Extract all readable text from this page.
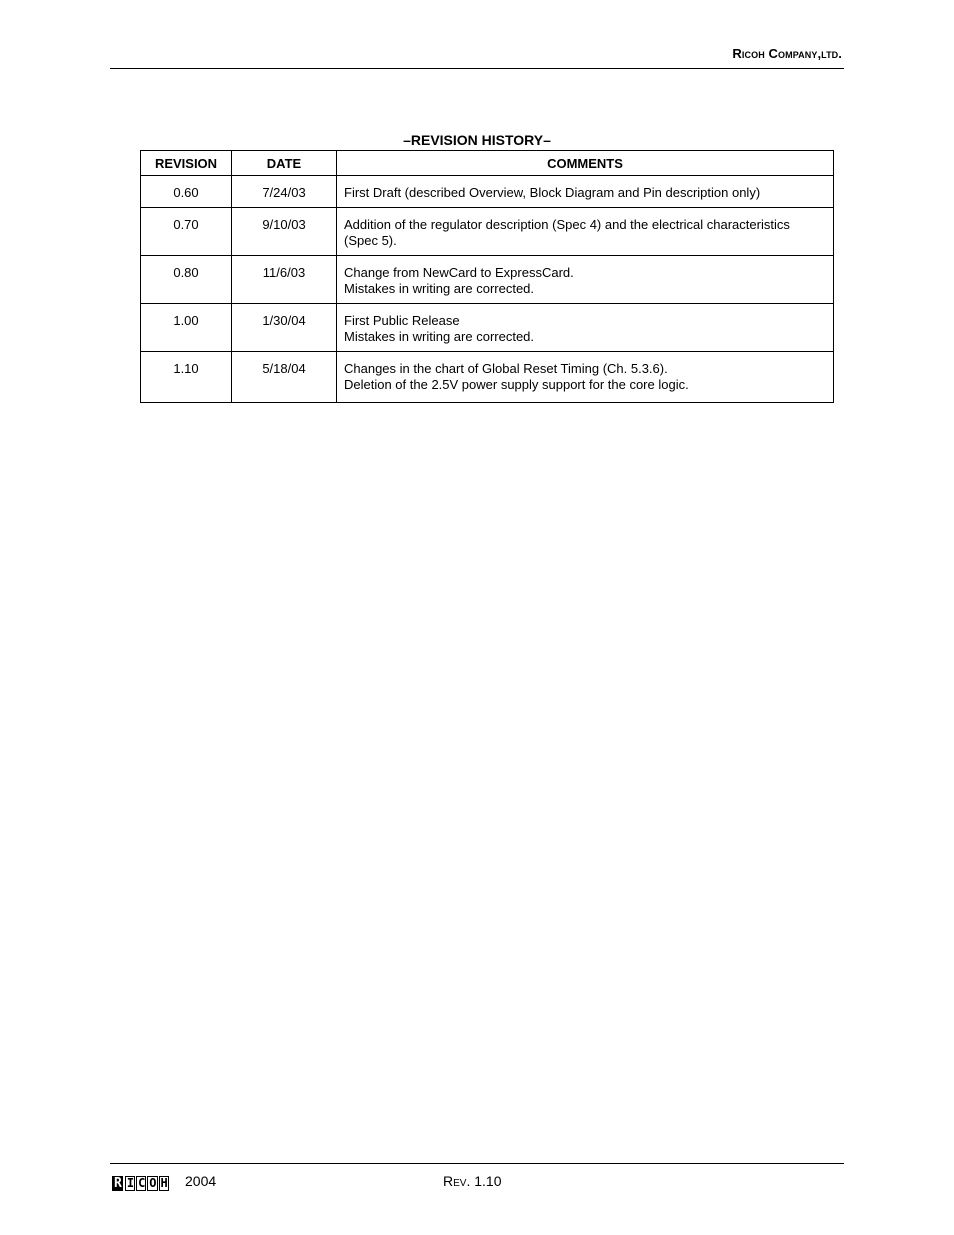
Ricoh Company,ltd.
–REVISION HISTORY–
REVISION	DATE	COMMENTS
0.60	7/24/03	First Draft (described Overview, Block Diagram and Pin description only)

0.70	9/10/03	Addition of the regulator description (Spec 4) and the electrical characteristics (Spec 5).

0.80	11/6/03	Change from NewCard to ExpressCard.
Mistakes in writing are corrected.

1.00	1/30/04	First Public Release
Mistakes in writing are corrected.

1.10	5/18/04	Changes in the chart of Global Reset Timing (Ch. 5.3.6).
Deletion of the 2.5V power supply support for the core logic.
R I C O H 2004	Rev. 1.10
